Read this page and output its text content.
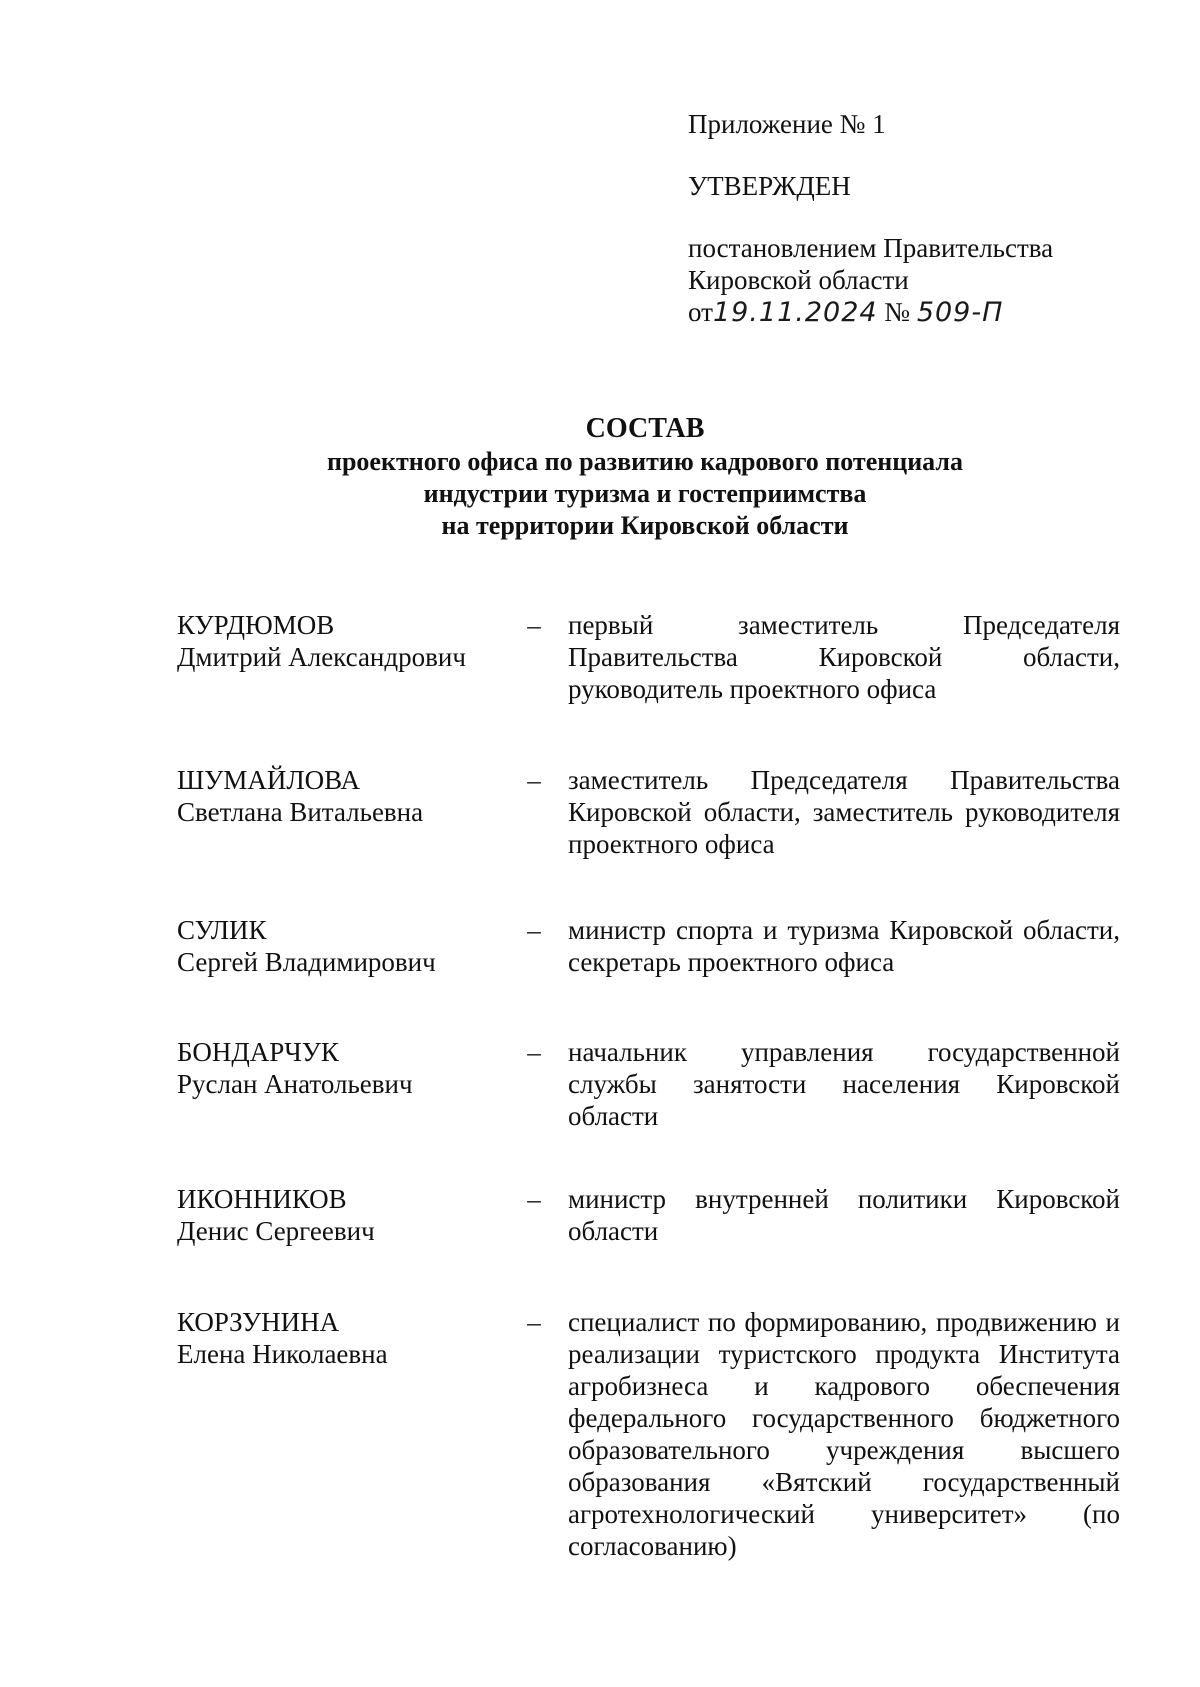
Приложение № 1
УТВЕРЖДЕН
постановлением Правительства
Кировской области
от19.11.2024 № 509-П
СОСТАВ
проектного офиса по развитию кадрового потенциала
индустрии туризма и гостеприимства
на территории Кировской области
КУРДЮМОВ
Дмитрий Александрович
– первый заместитель Председателя Правительства Кировской области, руководитель проектного офиса
ШУМАЙЛОВА
Светлана Витальевна
– заместитель Председателя Правительства Кировской области, заместитель руководителя проектного офиса
СУЛИК
Сергей Владимирович
– министр спорта и туризма Кировской области, секретарь проектного офиса
БОНДАРЧУК
Руслан Анатольевич
– начальник управления государственной службы занятости населения Кировской области
ИКОННИКОВ
Денис Сергеевич
– министр внутренней политики Кировской области
КОРЗУНИНА
Елена Николаевна
– специалист по формированию, продвижению и реализации туристского продукта Института агробизнеса и кадрового обеспечения федерального государственного бюджетного образовательного учреждения высшего образования «Вятский государственный агротехнологический университет» (по согласованию)
